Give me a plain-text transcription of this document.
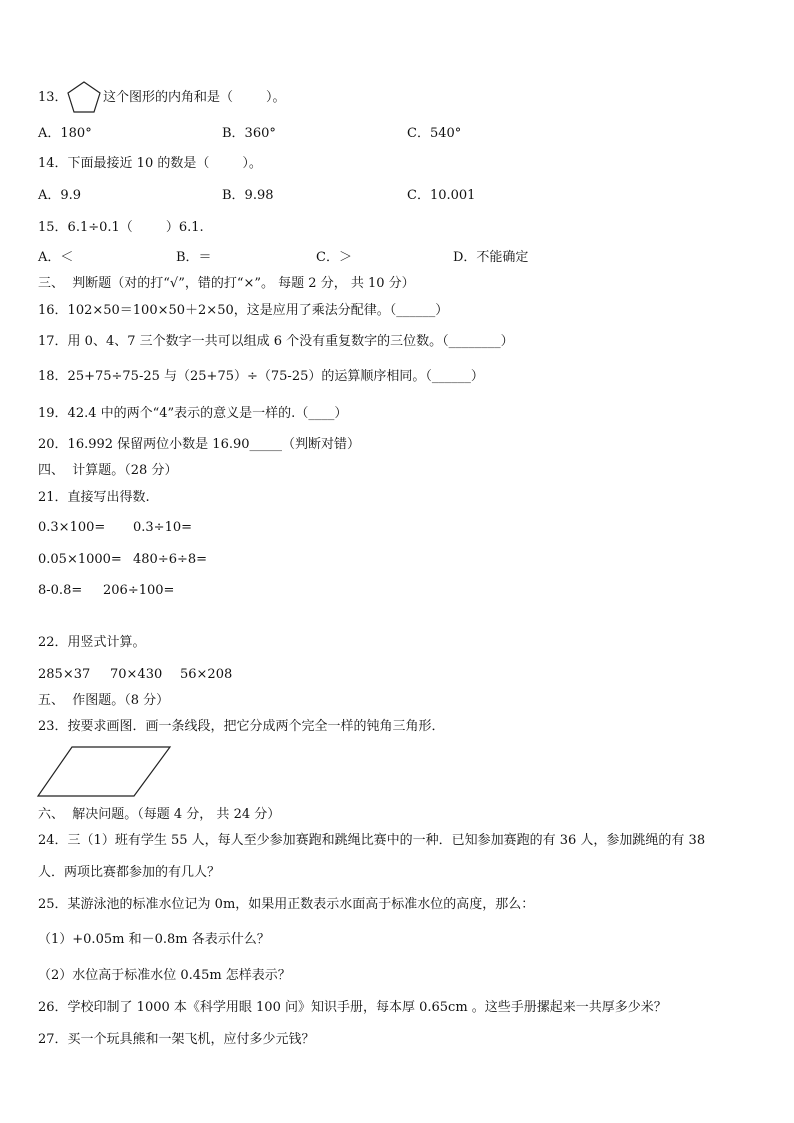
13．	这个图形的内角和是（        ）。
A．180°	B．360°	C．540°
14．下面最接近 10 的数是（        ）。
A．9.9	B．9.98	C．10.001
15．6.1÷0.1（        ）6.1.
A．＜	B．＝	C．＞	D．不能确定
三、  判断题（对的打“√”，错的打“×”。 每题 2 分， 共 10 分）
16．102×50＝100×50＋2×50，这是应用了乘法分配律。（______）
17．用 0、4、7 三个数字一共可以组成 6 个没有重复数字的三位数。（________）
18．25+75÷75-25 与（25+75）÷（75-25）的运算顺序相同。（______）
19．42.4 中的两个“4”表示的意义是一样的.（____）
20．16.992 保留两位小数是 16.90_____（判断对错）
四、  计算题。（28 分）
21．直接写出得数.
0.3×100= 0.3÷10=
0.05×1000= 480÷6÷8=
8-0.8= 206÷100=
22．用竖式计算。
285×37 70×430 56×208
五、  作图题。（8 分）
23．按要求画图．画一条线段，把它分成两个完全一样的钝角三角形．
六、  解决问题。（每题 4 分， 共 24 分）
24．三（1）班有学生 55 人，每人至少参加赛跑和跳绳比赛中的一种．已知参加赛跑的有 36 人，参加跳绳的有 38
人．两项比赛都参加的有几人？
25．某游泳池的标准水位记为 0m，如果用正数表示水面高于标准水位的高度，那么：
（1）+0.05m 和－0.8m 各表示什么？
（2）水位高于标准水位 0.45m 怎样表示？
26．学校印制了 1000 本《科学用眼 100 问》知识手册，每本厚 0.65cm 。这些手册摞起来一共厚多少米？
27．买一个玩具熊和一架飞机，应付多少元钱？
